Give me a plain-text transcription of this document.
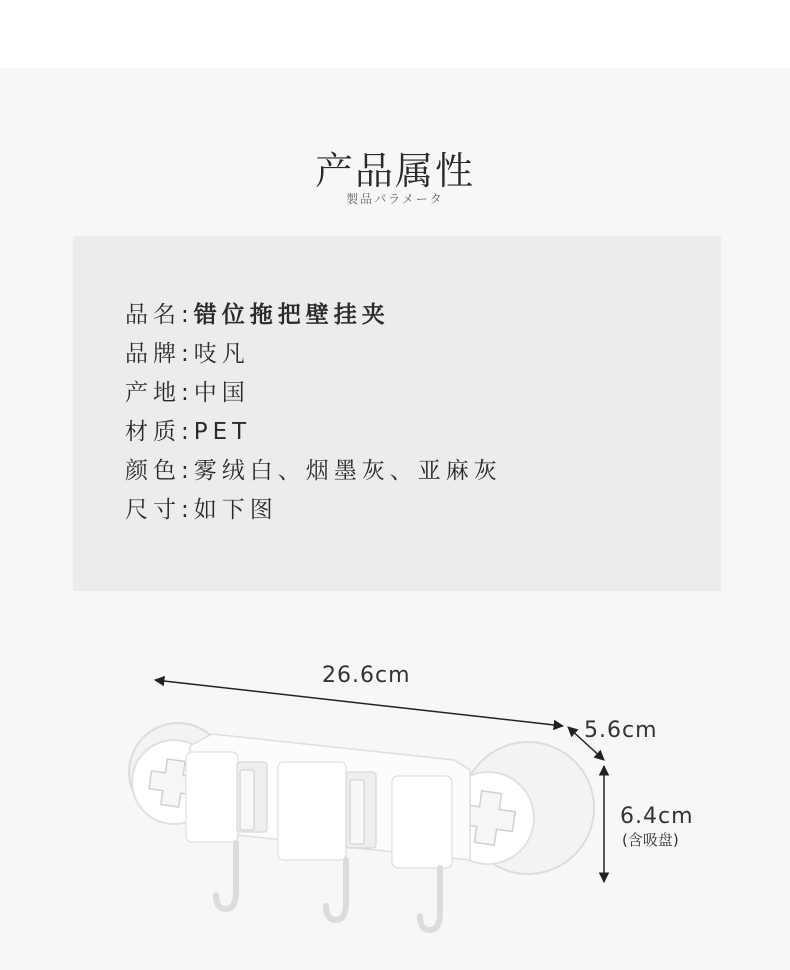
产品属性
製品パラメータ
品名:错位拖把壁挂夹
品牌:吱凡
产地:中国
材质:PET
颜色:雾绒白、烟墨灰、亚麻灰
尺寸:如下图
26.6cm
5.6cm
6.4cm
(含吸盘)
